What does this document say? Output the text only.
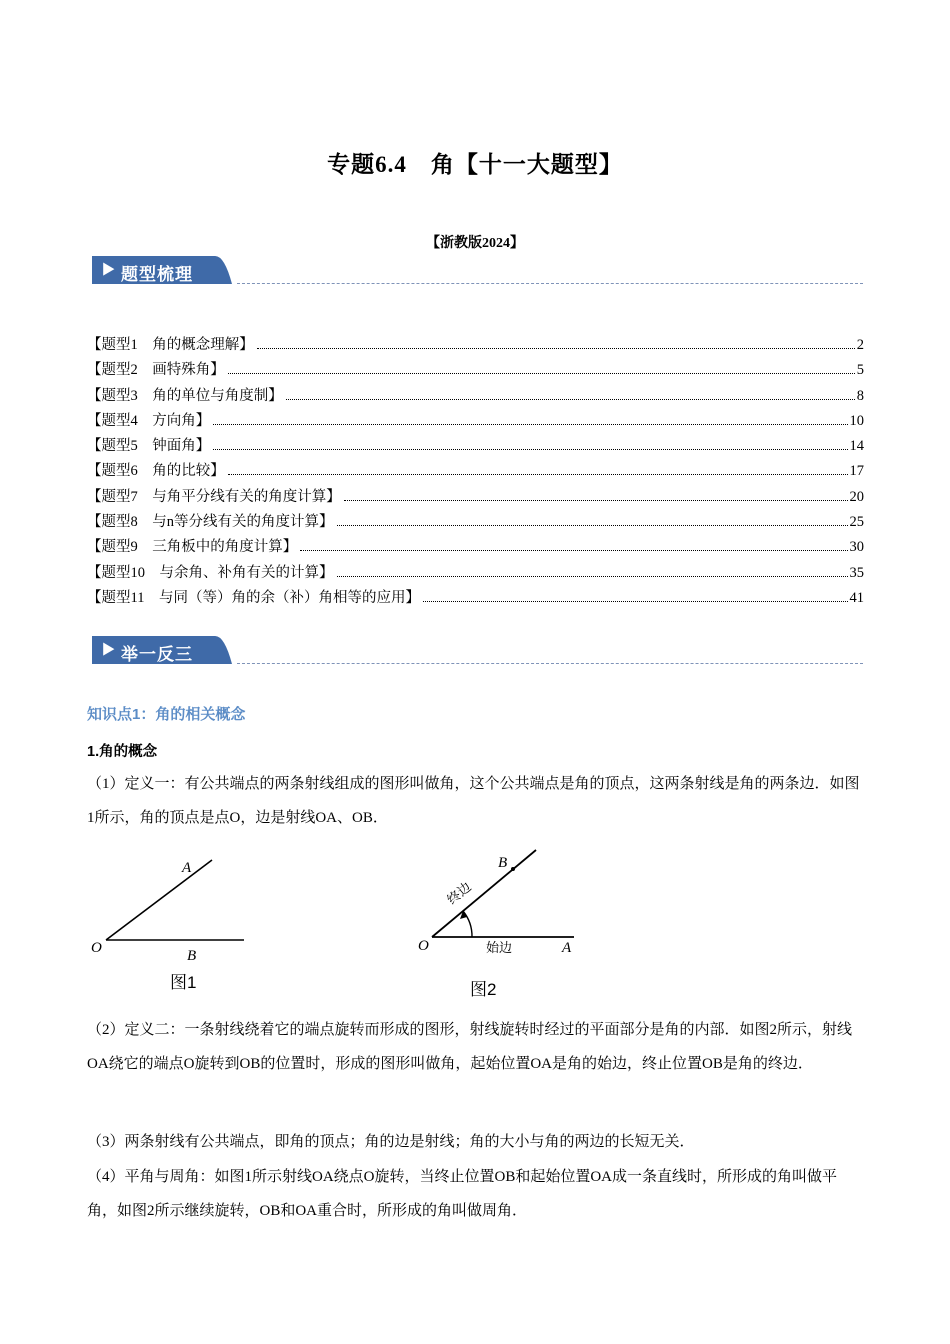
专题6.4　角【十一大题型】
【浙教版2024】
题型梳理
【题型1　角的概念理解】	2
【题型2　画特殊角】	5
【题型3　角的单位与角度制】	8
【题型4　方向角】	10
【题型5　钟面角】	14
【题型6　角的比较】	17
【题型7　与角平分线有关的角度计算】	20
【题型8　与n等分线有关的角度计算】	25
【题型9　三角板中的角度计算】	30
【题型10　与余角、补角有关的计算】	35
【题型11　与同（等）角的余（补）角相等的应用】	41
举一反三
知识点1：角的相关概念
1.角的概念
（1）定义一：有公共端点的两条射线组成的图形叫做角，这个公共端点是角的顶点，这两条射线是角的两条边．如图1所示，角的顶点是点O，边是射线OA、OB．
O
A
B
图1
O
B
A
终边
始边
图2
（2）定义二：一条射线绕着它的端点旋转而形成的图形，射线旋转时经过的平面部分是角的内部．如图2所示，射线OA绕它的端点O旋转到OB的位置时，形成的图形叫做角，起始位置OA是角的始边，终止位置OB是角的终边．
（3）两条射线有公共端点，即角的顶点；角的边是射线；角的大小与角的两边的长短无关．
（4）平角与周角：如图1所示射线OA绕点O旋转，当终止位置OB和起始位置OA成一条直线时，所形成的角叫做平角，如图2所示继续旋转，OB和OA重合时，所形成的角叫做周角．
